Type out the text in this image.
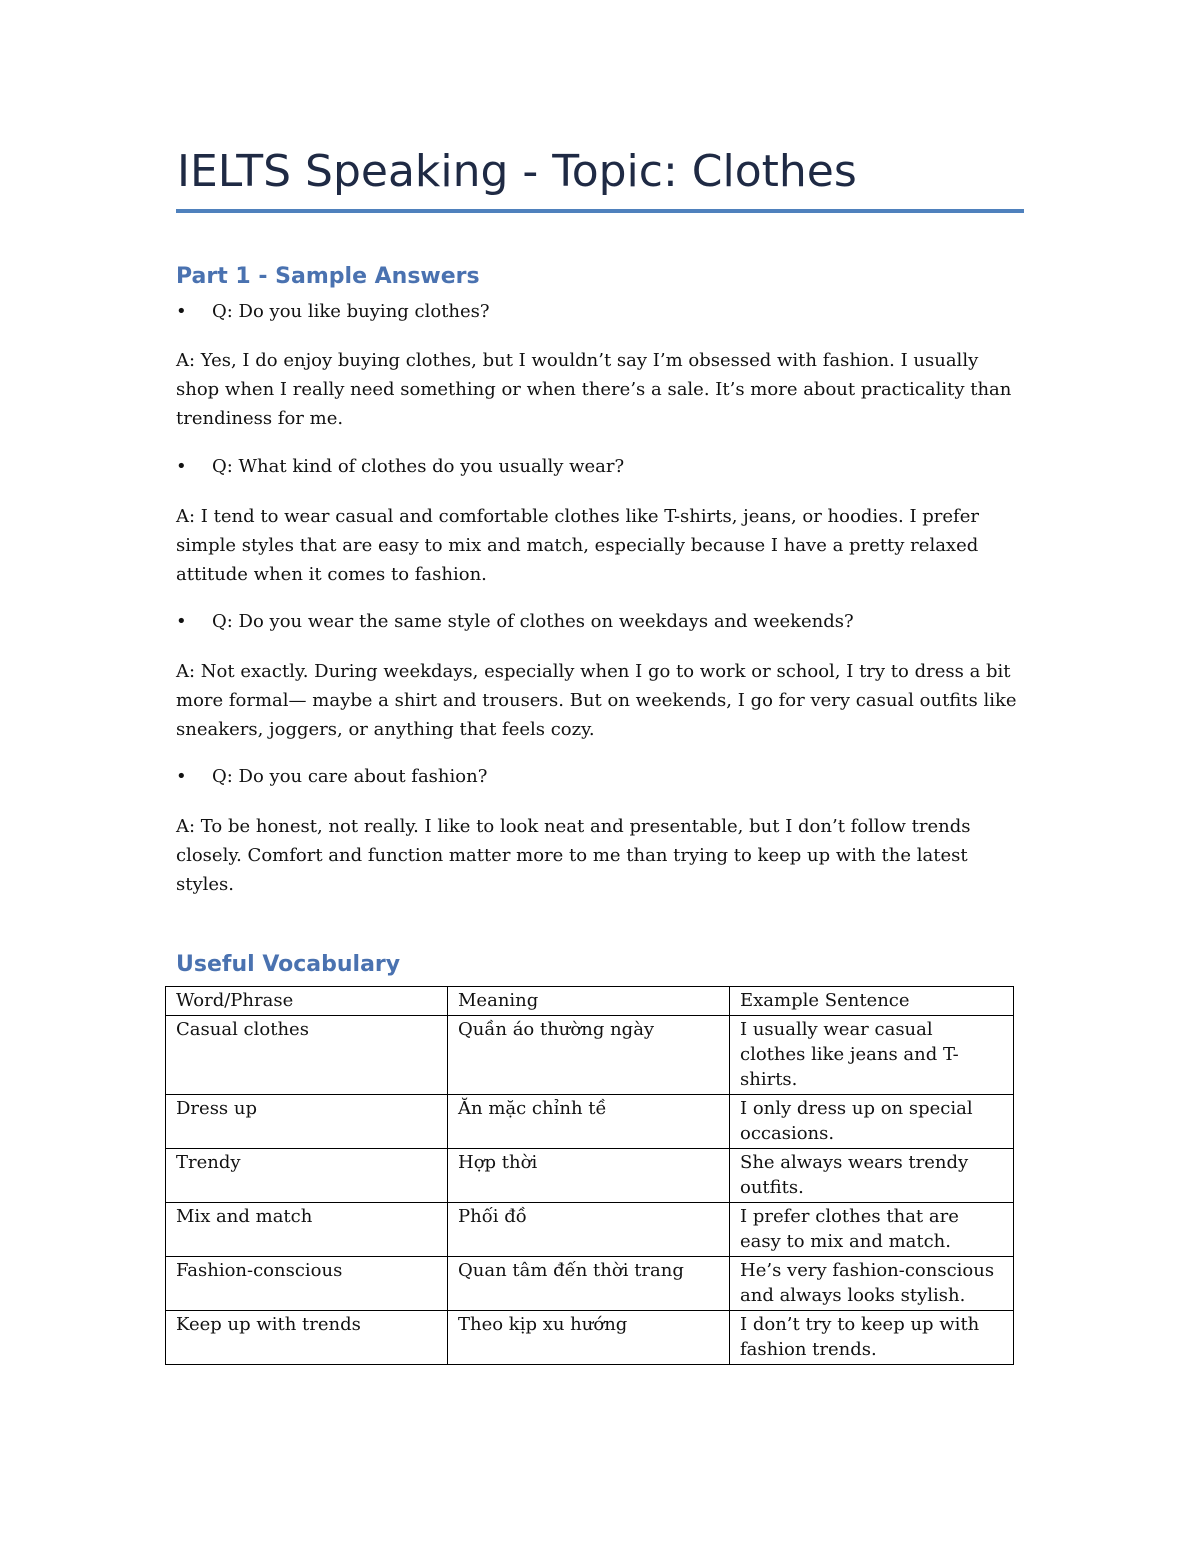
IELTS Speaking - Topic: Clothes
Part 1 - Sample Answers
• Q: Do you like buying clothes?
A: Yes, I do enjoy buying clothes, but I wouldn’t say I’m obsessed with fashion. I usually shop when I really need something or when there’s a sale. It’s more about practicality than trendiness for me.
• Q: What kind of clothes do you usually wear?
A: I tend to wear casual and comfortable clothes like T-shirts, jeans, or hoodies. I prefer simple styles that are easy to mix and match, especially because I have a pretty relaxed attitude when it comes to fashion.
• Q: Do you wear the same style of clothes on weekdays and weekends?
A: Not exactly. During weekdays, especially when I go to work or school, I try to dress a bit more formal— maybe a shirt and trousers. But on weekends, I go for very casual outfits like sneakers, joggers, or anything that feels cozy.
• Q: Do you care about fashion?
A: To be honest, not really. I like to look neat and presentable, but I don’t follow trends closely. Comfort and function matter more to me than trying to keep up with the latest styles.
Useful Vocabulary
Word/Phrase	Meaning	Example Sentence
Casual clothes	Quần áo thường ngày	I usually wear casual clothes like jeans and T-shirts.
Dress up	Ăn mặc chỉnh tề	I only dress up on special occasions.
Trendy	Hợp thời	She always wears trendy outfits.
Mix and match	Phối đồ	I prefer clothes that are easy to mix and match.
Fashion-conscious	Quan tâm đến thời trang	He’s very fashion-conscious and always looks stylish.
Keep up with trends	Theo kịp xu hướng	I don’t try to keep up with fashion trends.
